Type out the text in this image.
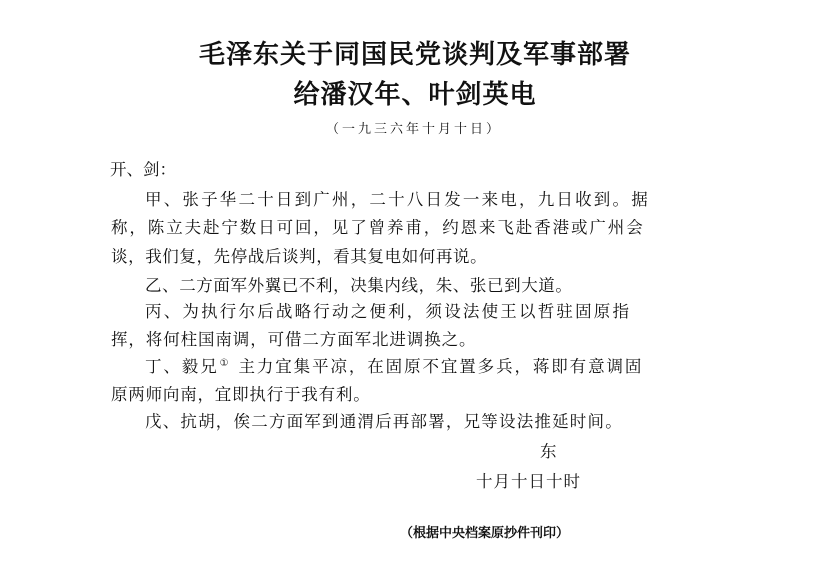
毛泽东关于同国民党谈判及军事部署
给潘汉年、叶剑英电
（一九三六年十月十日）
开、剑：
甲、张子华二十日到广州，二十八日发一来电，九日收到。据
称，陈立夫赴宁数日可回，见了曾养甫，约恩来飞赴香港或广州会
谈，我们复，先停战后谈判，看其复电如何再说。
乙、二方面军外翼已不利，决集内线，朱、张已到大道。
丙、为执行尔后战略行动之便利，须设法使王以哲驻固原指
挥，将何柱国南调，可借二方面军北进调换之。
丁、毅兄① 主力宜集平凉，在固原不宜置多兵，蒋即有意调固
原两师向南，宜即执行于我有利。
戊、抗胡，俟二方面军到通渭后再部署，兄等设法推延时间。
东
十月十日十时
（根据中央档案原抄件刊印）
